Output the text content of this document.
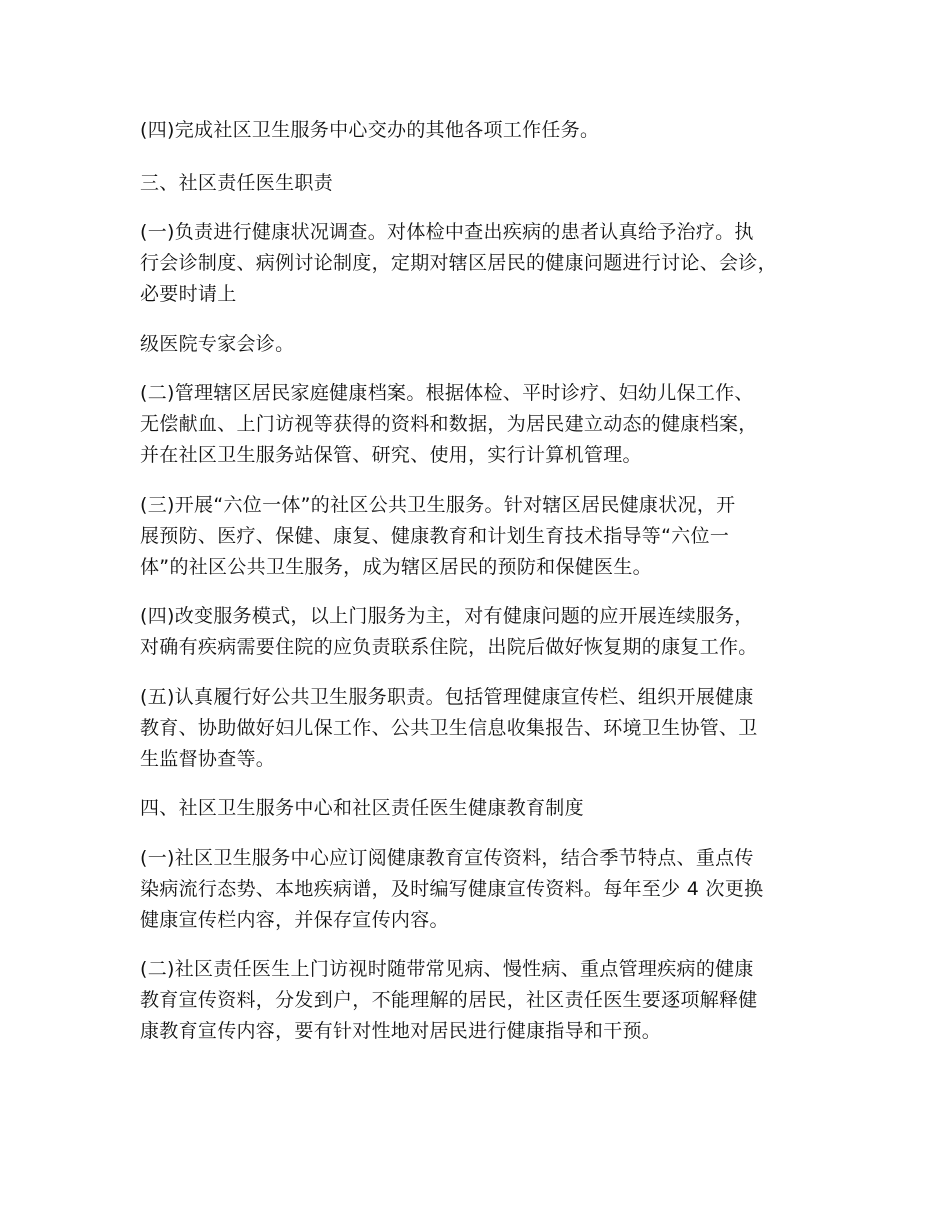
(四)完成社区卫生服务中心交办的其他各项工作任务。
三、社区责任医生职责
(一)负责进行健康状况调查。对体检中查出疾病的患者认真给予治疗。执
行会诊制度、病例讨论制度，定期对辖区居民的健康问题进行讨论、会诊，
必要时请上
级医院专家会诊。
(二)管理辖区居民家庭健康档案。根据体检、平时诊疗、妇幼儿保工作、
无偿献血、上门访视等获得的资料和数据，为居民建立动态的健康档案，
并在社区卫生服务站保管、研究、使用，实行计算机管理。
(三)开展“六位一体”的社区公共卫生服务。针对辖区居民健康状况，开
展预防、医疗、保健、康复、健康教育和计划生育技术指导等“六位一
体”的社区公共卫生服务，成为辖区居民的预防和保健医生。
(四)改变服务模式，以上门服务为主，对有健康问题的应开展连续服务，
对确有疾病需要住院的应负责联系住院，出院后做好恢复期的康复工作。
(五)认真履行好公共卫生服务职责。包括管理健康宣传栏、组织开展健康
教育、协助做好妇儿保工作、公共卫生信息收集报告、环境卫生协管、卫
生监督协查等。
四、社区卫生服务中心和社区责任医生健康教育制度
(一)社区卫生服务中心应订阅健康教育宣传资料，结合季节特点、重点传
染病流行态势、本地疾病谱，及时编写健康宣传资料。每年至少 4 次更换
健康宣传栏内容，并保存宣传内容。
(二)社区责任医生上门访视时随带常见病、慢性病、重点管理疾病的健康
教育宣传资料，分发到户，不能理解的居民，社区责任医生要逐项解释健
康教育宣传内容，要有针对性地对居民进行健康指导和干预。
